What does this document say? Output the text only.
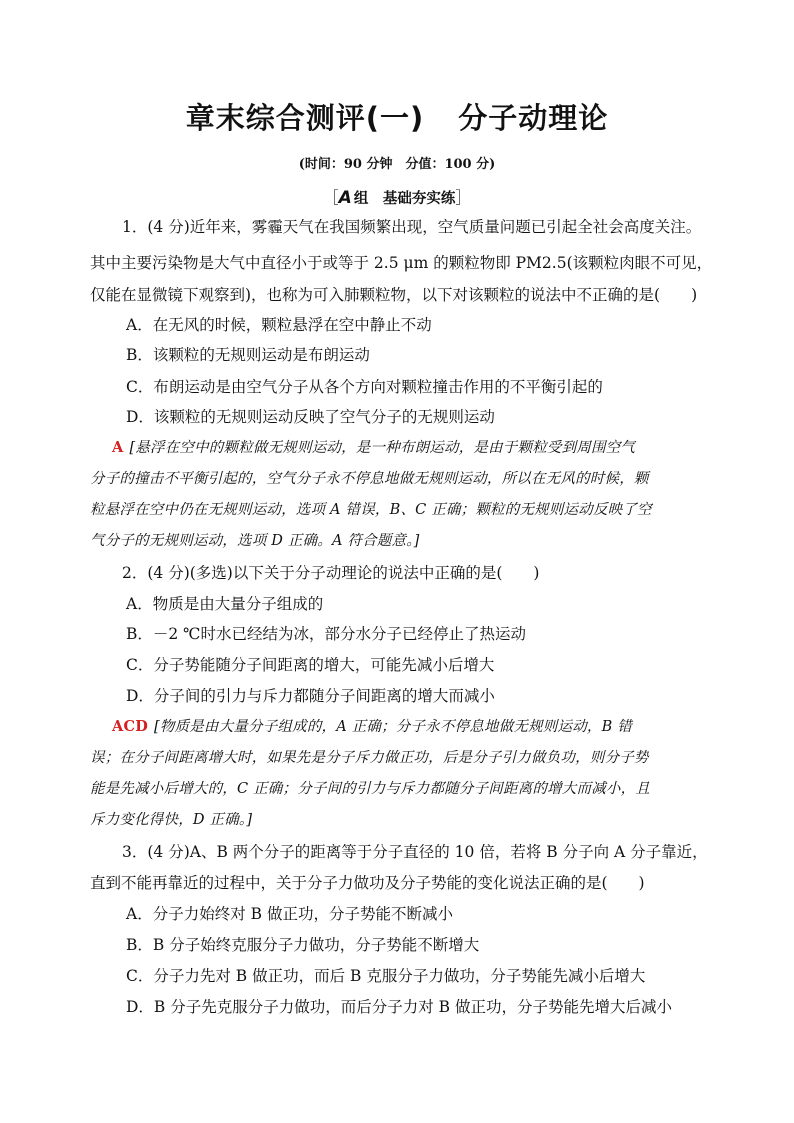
章末综合测评(一) 分子动理论
(时间：90 分钟　分值：100 分)
［A 组　基础夯实练］
1．(4 分)近年来，雾霾天气在我国频繁出现，空气质量问题已引起全社会高度关注。
其中主要污染物是大气中直径小于或等于 2.5 μm 的颗粒物即 PM2.5(该颗粒肉眼不可见，
仅能在显微镜下观察到)，也称为可入肺颗粒物，以下对该颗粒的说法中不正确的是(　　)
A．在无风的时候，颗粒悬浮在空中静止不动
B．该颗粒的无规则运动是布朗运动
C．布朗运动是由空气分子从各个方向对颗粒撞击作用的不平衡引起的
D．该颗粒的无规则运动反映了空气分子的无规则运动
A [悬浮在空中的颗粒做无规则运动，是一种布朗运动，是由于颗粒受到周围空气
分子的撞击不平衡引起的，空气分子永不停息地做无规则运动，所以在无风的时候，颗
粒悬浮在空中仍在无规则运动，选项 A 错误，B、C 正确；颗粒的无规则运动反映了空
气分子的无规则运动，选项 D 正确。A 符合题意。]
2．(4 分)(多选)以下关于分子动理论的说法中正确的是(　　)
A．物质是由大量分子组成的
B．－2 ℃时水已经结为冰，部分水分子已经停止了热运动
C．分子势能随分子间距离的增大，可能先减小后增大
D．分子间的引力与斥力都随分子间距离的增大而减小
ACD [物质是由大量分子组成的，A 正确；分子永不停息地做无规则运动，B 错
误；在分子间距离增大时，如果先是分子斥力做正功，后是分子引力做负功，则分子势
能是先减小后增大的，C 正确；分子间的引力与斥力都随分子间距离的增大而减小，且
斥力变化得快，D 正确。]
3．(4 分)A、B 两个分子的距离等于分子直径的 10 倍，若将 B 分子向 A 分子靠近，
直到不能再靠近的过程中，关于分子力做功及分子势能的变化说法正确的是(　　)
A．分子力始终对 B 做正功，分子势能不断减小
B．B 分子始终克服分子力做功，分子势能不断增大
C．分子力先对 B 做正功，而后 B 克服分子力做功，分子势能先减小后增大
D．B 分子先克服分子力做功，而后分子力对 B 做正功，分子势能先增大后减小
